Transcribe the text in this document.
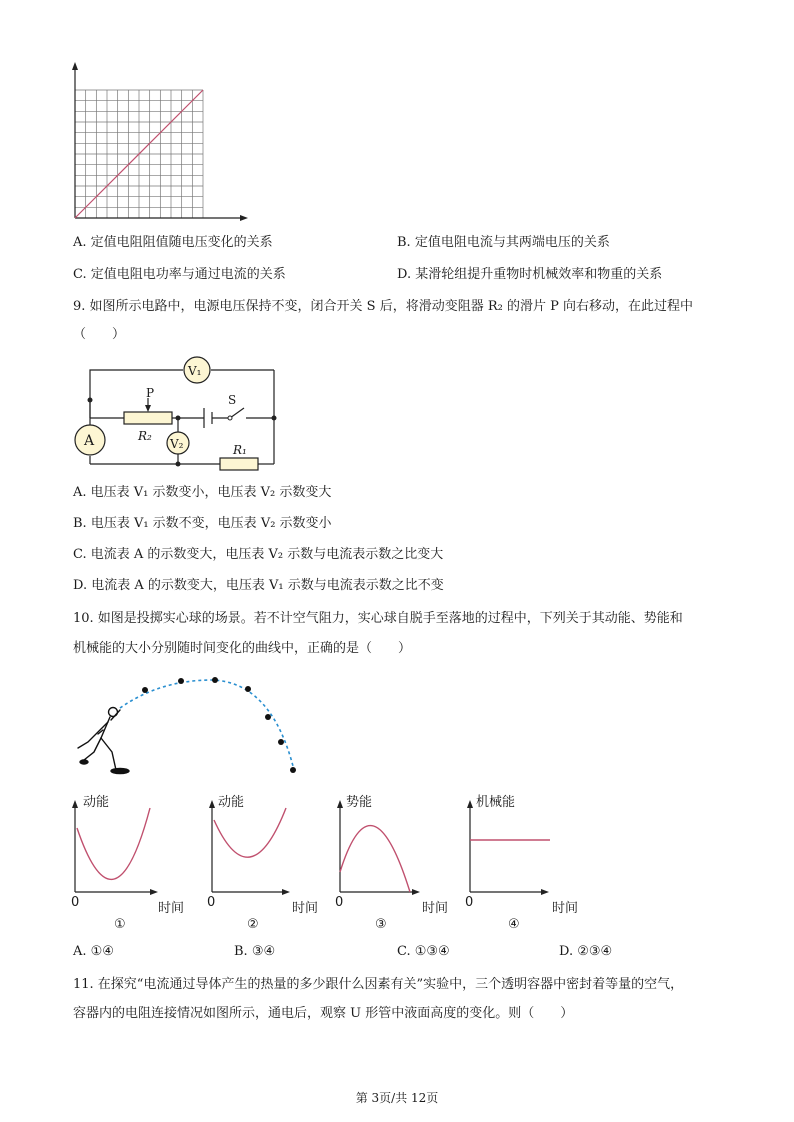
A. 定值电阻阻值随电压变化的关系	B. 定值电阻电流与其两端电压的关系
C. 定值电阻电功率与通过电流的关系	D. 某滑轮组提升重物时机械效率和物重的关系
9. 如图所示电路中，电源电压保持不变，闭合开关 S 后，将滑动变阻器 R₂ 的滑片 P 向右移动，在此过程中
（　　）
V₁
A	V₂
R₂
P	S
R₁
A. 电压表 V₁ 示数变小，电压表 V₂ 示数变大
B. 电压表 V₁ 示数不变，电压表 V₂ 示数变小
C. 电流表 A 的示数变大，电压表 V₂ 示数与电流表示数之比变大
D. 电流表 A 的示数变大，电压表 V₁ 示数与电流表示数之比不变
10. 如图是投掷实心球的场景。若不计空气阻力，实心球自脱手至落地的过程中，下列关于其动能、势能和
机械能的大小分别随时间变化的曲线中，正确的是（　　）
动能
0	时间
①
动能
0	时间
②
势能
0	时间
③
机械能
0	时间
④
A. ①④	B. ③④	C. ①③④	D. ②③④
11. 在探究“电流通过导体产生的热量的多少跟什么因素有关”实验中，三个透明容器中密封着等量的空气，
容器内的电阻连接情况如图所示，通电后，观察 U 形管中液面高度的变化。则（　　）
第 3页/共 12页
